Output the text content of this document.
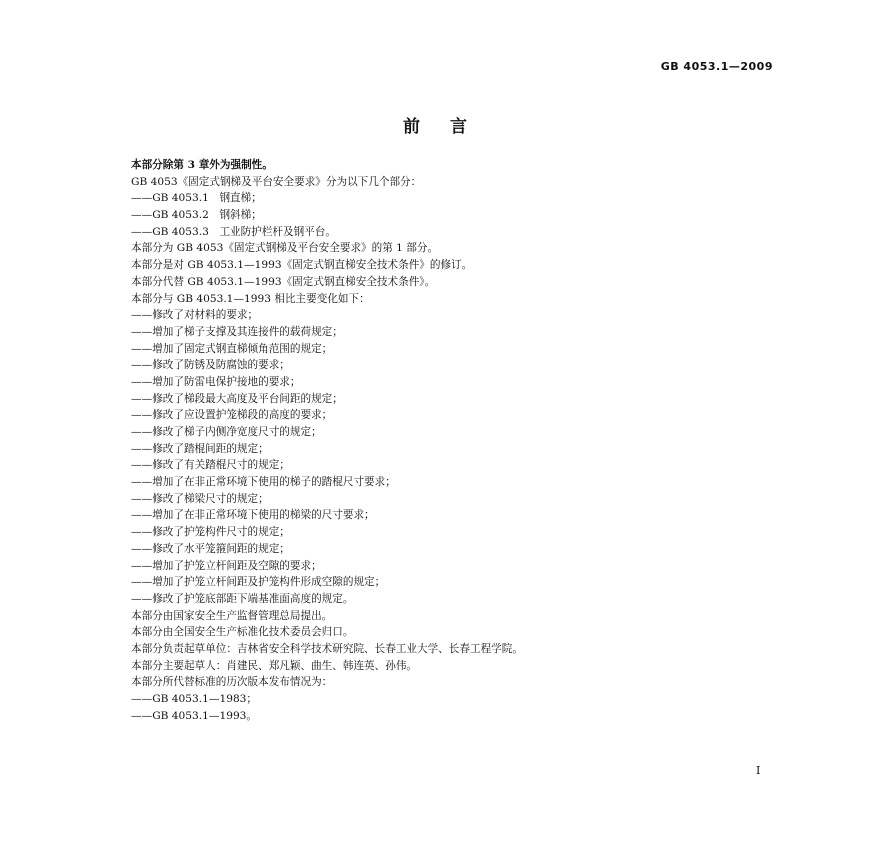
GB 4053.1—2009
前言
本部分除第 3 章外为强制性。
GB 4053《固定式钢梯及平台安全要求》分为以下几个部分：
——GB 4053.1　钢直梯；
——GB 4053.2　钢斜梯；
——GB 4053.3　工业防护栏杆及钢平台。
本部分为 GB 4053《固定式钢梯及平台安全要求》的第 1 部分。
本部分是对 GB 4053.1—1993《固定式钢直梯安全技术条件》的修订。
本部分代替 GB 4053.1—1993《固定式钢直梯安全技术条件》。
本部分与 GB 4053.1—1993 相比主要变化如下：
——修改了对材料的要求；
——增加了梯子支撑及其连接件的载荷规定；
——增加了固定式钢直梯倾角范围的规定；
——修改了防锈及防腐蚀的要求；
——增加了防雷电保护接地的要求；
——修改了梯段最大高度及平台间距的规定；
——修改了应设置护笼梯段的高度的要求；
——修改了梯子内侧净宽度尺寸的规定；
——修改了踏棍间距的规定；
——修改了有关踏棍尺寸的规定；
——增加了在非正常环境下使用的梯子的踏棍尺寸要求；
——修改了梯梁尺寸的规定；
——增加了在非正常环境下使用的梯梁的尺寸要求；
——修改了护笼构件尺寸的规定；
——修改了水平笼箍间距的规定；
——增加了护笼立杆间距及空隙的要求；
——增加了护笼立杆间距及护笼构件形成空隙的规定；
——修改了护笼底部距下端基准面高度的规定。
本部分由国家安全生产监督管理总局提出。
本部分由全国安全生产标准化技术委员会归口。
本部分负责起草单位：吉林省安全科学技术研究院、长春工业大学、长春工程学院。
本部分主要起草人：肖建民、郑凡颖、曲生、韩连英、孙伟。
本部分所代替标准的历次版本发布情况为：
——GB 4053.1—1983；
——GB 4053.1—1993。
I
